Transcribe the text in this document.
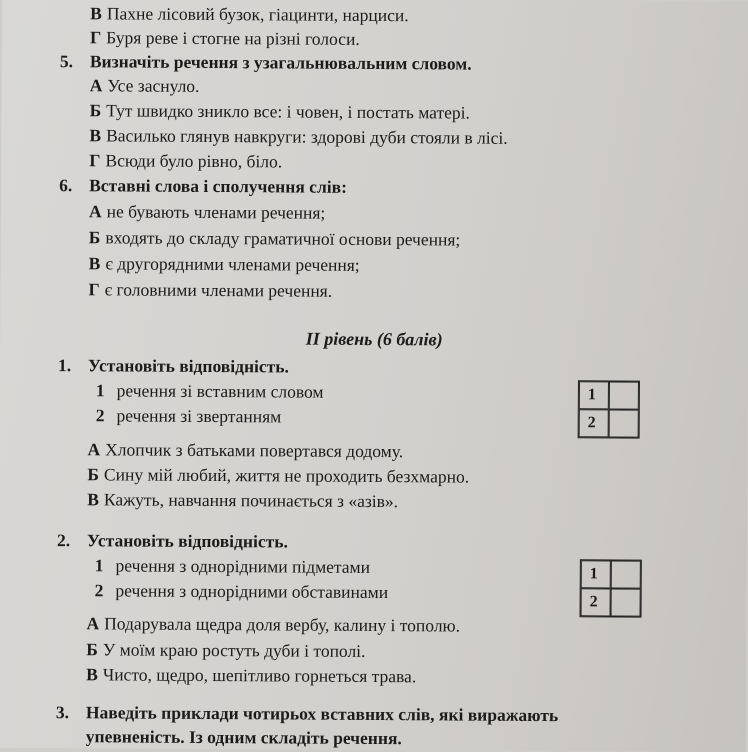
В Пахне лісовий бузок, гіацинти, нарциси.
Г Буря реве і стогне на різні голоси.
5. Визначіть речення з узагальнювальним словом.
А Усе заснуло.
Б Тут швидко зникло все: і човен, і постать матері.
В Василько глянув навкруги: здорові дуби стояли в лісі.
Г Всюди було рівно, біло.
6. Вставні слова і сполучення слів:
А не бувають членами речення;
Б входять до складу граматичної основи речення;
В є другорядними членами речення;
Г є головними членами речення.
II рівень (6 балів)
1. Установіть відповідність.
1 речення зі вставним словом
2 речення зі звертанням
1
2
А Хлопчик з батьками повертався додому.
Б Сину мій любий, життя не проходить безхмарно.
В Кажуть, навчання починається з «азів».
2. Установіть відповідність.
1 речення з однорідними підметами
2 речення з однорідними обставинами
1
2
А Подарувала щедра доля вербу, калину і тополю.
Б У моїм краю ростуть дуби і тополі.
В Чисто, щедро, шепітливо горнеться трава.
3. Наведіть приклади чотирьох вставних слів, які виражають
упевненість. Із одним складіть речення.
